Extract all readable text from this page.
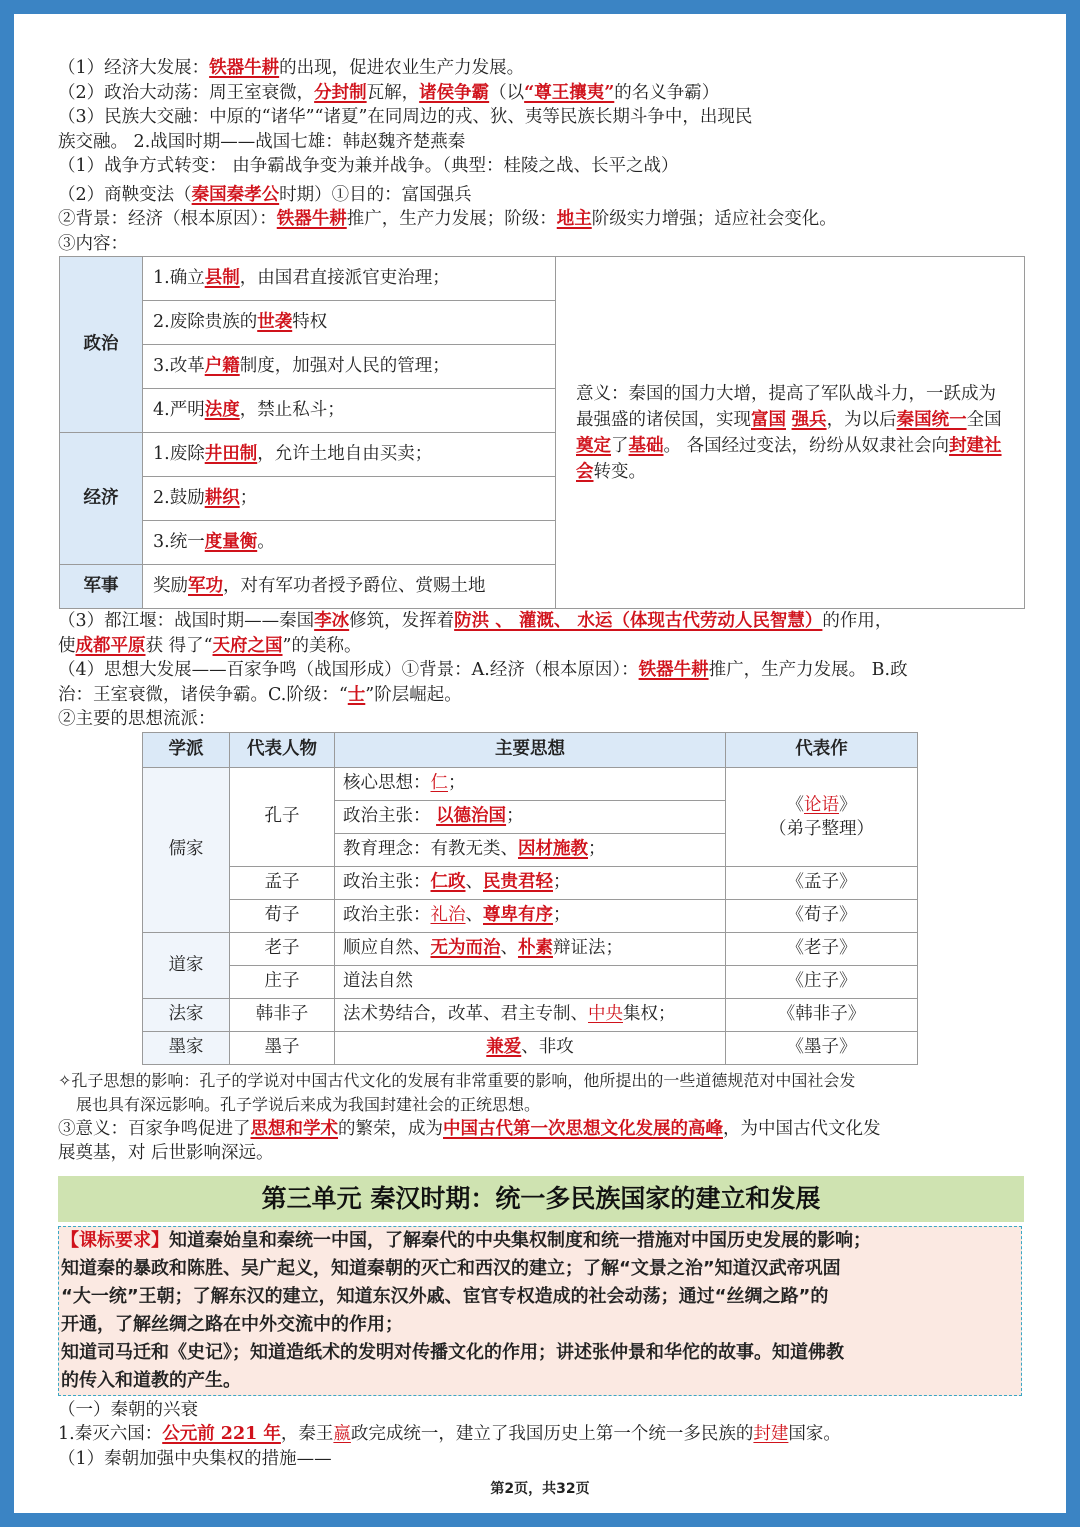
（1）经济大发展：铁器牛耕的出现，促进农业生产力发展。
（2）政治大动荡：周王室衰微，分封制瓦解，诸侯争霸（以“尊王攘夷”的名义争霸）
（3）民族大交融：中原的“诸华”“诸夏”在同周边的戎、狄、夷等民族长期斗争中，出现民
族交融。 2.战国时期——战国七雄：韩赵魏齐楚燕秦
（1）战争方式转变： 由争霸战争变为兼并战争。（典型：桂陵之战、长平之战）
（2）商鞅变法（秦国秦孝公时期）①目的：富国强兵
②背景：经济（根本原因）：铁器牛耕推广，生产力发展；阶级：地主阶级实力增强；适应社会变化。
③内容：
政治	1.确立县制，由国君直接派官吏治理；	意义：秦国的国力大增，提高了军队战斗力，一跃成为 最强盛的诸侯国，实现富国 强兵，为以后秦国统一全国奠定了基础。 各国经过变法，纷纷从奴隶社会向封建社会转变。
	2.废除贵族的世袭特权	
	3.改革户籍制度，加强对人民的管理；	
	4.严明法度，禁止私斗；	
经济	1.废除井田制，允许土地自由买卖；	
	2.鼓励耕织；	
	3.统一度量衡。	
军事	奖励军功，对有军功者授予爵位、赏赐土地	
（3）都江堰：战国时期——秦国李冰修筑，发挥着防洪 、 灌溉、 水运（体现古代劳动人民智慧）的作用，
使成都平原获 得了“天府之国”的美称。
（4）思想大发展——百家争鸣（战国形成）①背景：A.经济（根本原因）：铁器牛耕推广，生产力发展。 B.政
治：王室衰微，诸侯争霸。C.阶级：“士”阶层崛起。
②主要的思想流派：
学派	代表人物	主要思想	代表作
儒家	孔子	核心思想：仁；	《论语》
（弟子整理）
		政治主张： 以德治国；	
		教育理念：有教无类、因材施教；	
	孟子	政治主张：仁政、民贵君轻；	《孟子》
	荀子	政治主张：礼治、尊卑有序；	《荀子》
道家	老子	顺应自然、无为而治、朴素辩证法；	《老子》
	庄子	道法自然	《庄子》
法家	韩非子	法术势结合，改革、君主专制、中央集权；	《韩非子》
墨家	墨子	兼爱、非攻	《墨子》
✧孔子思想的影响：孔子的学说对中国古代文化的发展有非常重要的影响，他所提出的一些道德规范对中国社会发
展也具有深远影响。孔子学说后来成为我国封建社会的正统思想。
③意义：百家争鸣促进了思想和学术的繁荣，成为中国古代第一次思想文化发展的高峰，为中国古代文化发
展奠基，对 后世影响深远。
第三单元 秦汉时期：统一多民族国家的建立和发展
【课标要求】知道秦始皇和秦统一中国，了解秦代的中央集权制度和统一措施对中国历史发展的影响；
知道秦的暴政和陈胜、吴广起义，知道秦朝的灭亡和西汉的建立；了解“文景之治”知道汉武帝巩固
“大一统”王朝；了解东汉的建立，知道东汉外戚、宦官专权造成的社会动荡；通过“丝绸之路”的
开通，了解丝绸之路在中外交流中的作用；
知道司马迁和《史记》；知道造纸术的发明对传播文化的作用；讲述张仲景和华佗的故事。知道佛教
的传入和道教的产生。
（一）秦朝的兴衰
1.秦灭六国：公元前 221 年，秦王嬴政完成统一，建立了我国历史上第一个统一多民族的封建国家。
（1）秦朝加强中央集权的措施——
第2页，共32页
